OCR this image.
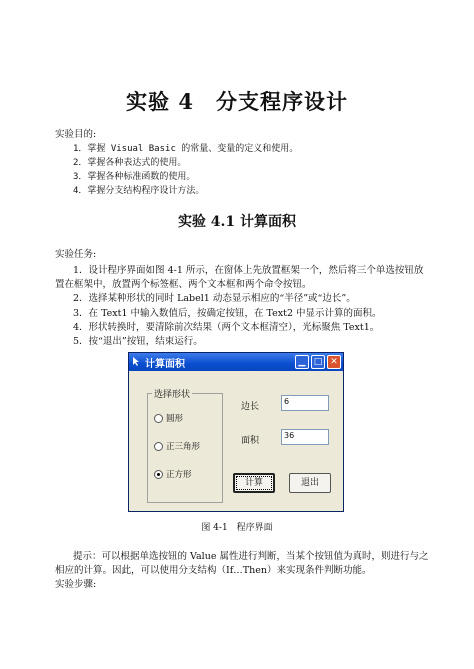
实验 4　分支程序设计
实验目的:
1．掌握 Visual Basic 的常量、变量的定义和使用。
2．掌握各种表达式的使用。
3．掌握各种标准函数的使用。
4．掌握分支结构程序设计方法。
实验 4.1 计算面积
实验任务:
1．设计程序界面如图 4-1 所示，在窗体上先放置框架一个，然后将三个单选按钮放
置在框架中，放置两个标签框、两个文本框和两个命令按钮。
2．选择某种形状的同时 Label1 动态显示相应的“半径”或“边长”。
3．在 Text1 中输入数值后，按确定按钮，在 Text2 中显示计算的面积。
4．形状转换时，要清除前次结果（两个文本框清空），光标聚焦 Text1。
5．按“退出”按钮，结束运行。
计算面积	▁ □ ✕
选择形状
圆形
正三角形
正方形
边长
6
面积
36
计算	退出
图 4-1　程序界面
提示：可以根据单选按钮的 Value 属性进行判断，当某个按钮值为真时，则进行与之
相应的计算。因此，可以使用分支结构（If…Then）来实现条件判断功能。
实验步骤:
